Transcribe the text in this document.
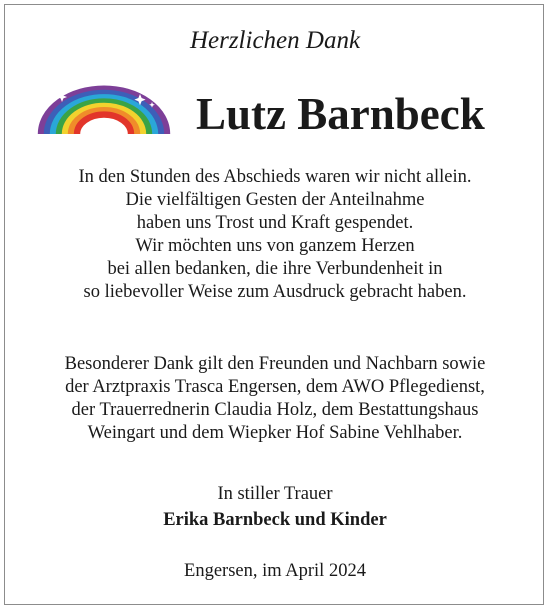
Herzlichen Dank
Lutz Barnbeck
In den Stunden des Abschieds waren wir nicht allein.
Die vielfältigen Gesten der Anteilnahme
haben uns Trost und Kraft gespendet.
Wir möchten uns von ganzem Herzen
bei allen bedanken, die ihre Verbundenheit in
so liebevoller Weise zum Ausdruck gebracht haben.
Besonderer Dank gilt den Freunden und Nachbarn sowie
der Arztpraxis Trasca Engersen, dem AWO Pflegedienst,
der Trauerrednerin Claudia Holz, dem Bestattungshaus
Weingart und dem Wiepker Hof Sabine Vehlhaber.
In stiller Trauer
Erika Barnbeck und Kinder
Engersen, im April 2024
